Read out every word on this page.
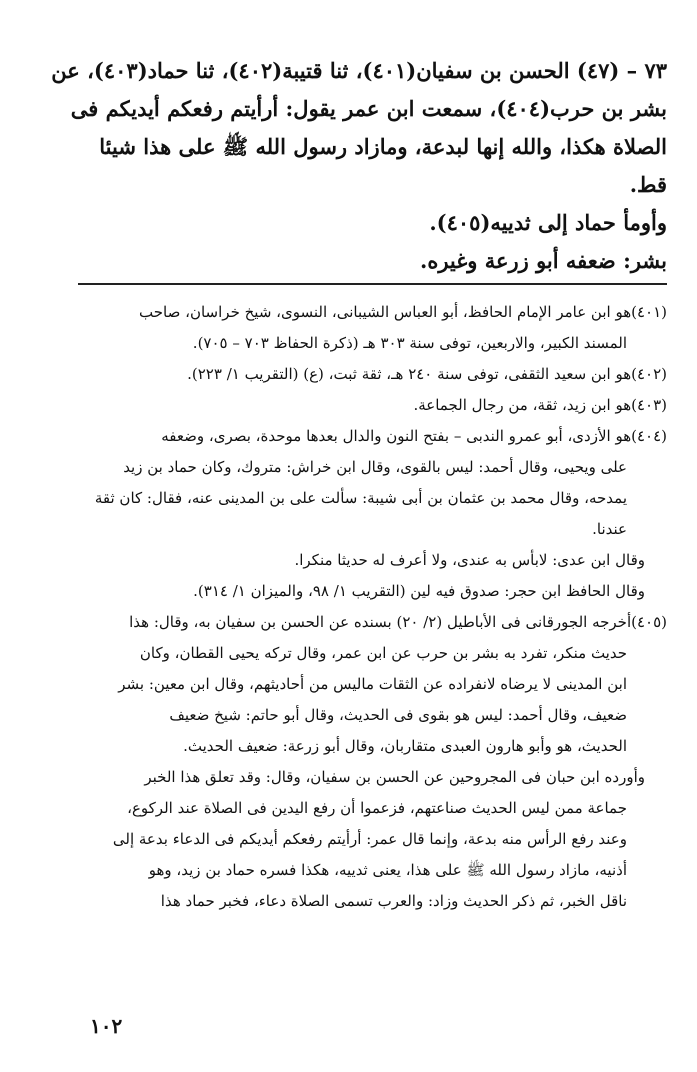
٧٣ – (٤٧) الحسن بن سفيان(٤٠١)، ثنا قتيبة(٤٠٢)، ثنا حماد(٤٠٣)، عن
بشر بن حرب(٤٠٤)، سمعت ابن عمر يقول: أرأيتم رفعكم أيديكم فى
الصلاة هكذا، والله إنها لبدعة، ومازاد رسول الله ﷺ على هذا شيئا
قط.
وأومأ حماد إلى ثدييه(٤٠٥).
بشر: ضعفه أبو زرعة وغيره.
(٤٠١)هو ابن عامر الإمام الحافظ، أبو العباس الشيبانى، النسوى، شيخ خراسان، صاحب
المسند الكبير، والاربعين، توفى سنة ٣٠٣ هـ (ذكرة الحفاظ ٧٠٣ – ٧٠٥).
(٤٠٢)هو ابن سعيد الثقفى، توفى سنة ٢٤٠ هـ، ثقة ثبت، (ع) (التقريب ١/ ٢٢٣).
(٤٠٣)هو ابن زيد، ثقة، من رجال الجماعة.
(٤٠٤)هو الأزدى، أبو عمرو الندبى – بفتح النون والدال بعدها موحدة، بصرى، وضعفه
على ويحيى، وقال أحمد: ليس بالقوى، وقال ابن خراش: متروك، وكان حماد بن زيد
يمدحه، وقال محمد بن عثمان بن أبى شيبة: سألت على بن المدينى عنه، فقال: كان ثقة
عندنا.
وقال ابن عدى: لابأس به عندى، ولا أعرف له حديثا منكرا.
وقال الحافظ ابن حجر: صدوق فيه لين (التقريب ١/ ٩٨، والميزان ١/ ٣١٤).
(٤٠٥)أخرجه الجورقانى فى الأباطيل (٢/ ٢٠) بسنده عن الحسن بن سفيان به، وقال: هذا
حديث منكر، تفرد به بشر بن حرب عن ابن عمر، وقال تركه يحيى القطان، وكان
ابن المدينى لا يرضاه لانفراده عن الثقات ماليس من أحاديثهم، وقال ابن معين: بشر
ضعيف، وقال أحمد: ليس هو بقوى فى الحديث، وقال أبو حاتم: شيخ ضعيف
الحديث، هو وأبو هارون العبدى متقاربان، وقال أبو زرعة: ضعيف الحديث.
وأورده ابن حبان فى المجروحين عن الحسن بن سفيان، وقال: وقد تعلق هذا الخبر
جماعة ممن ليس الحديث صناعتهم، فزعموا أن رفع اليدين فى الصلاة عند الركوع،
وعند رفع الرأس منه بدعة، وإنما قال عمر: أرأيتم رفعكم أيديكم فى الدعاء بدعة إلى
أذنيه، مازاد رسول الله ﷺ على هذا، يعنى ثدييه، هكذا فسره حماد بن زيد، وهو
ناقل الخبر، ثم ذكر الحديث وزاد: والعرب تسمى الصلاة دعاء، فخبر حماد هذا
١٠٢
